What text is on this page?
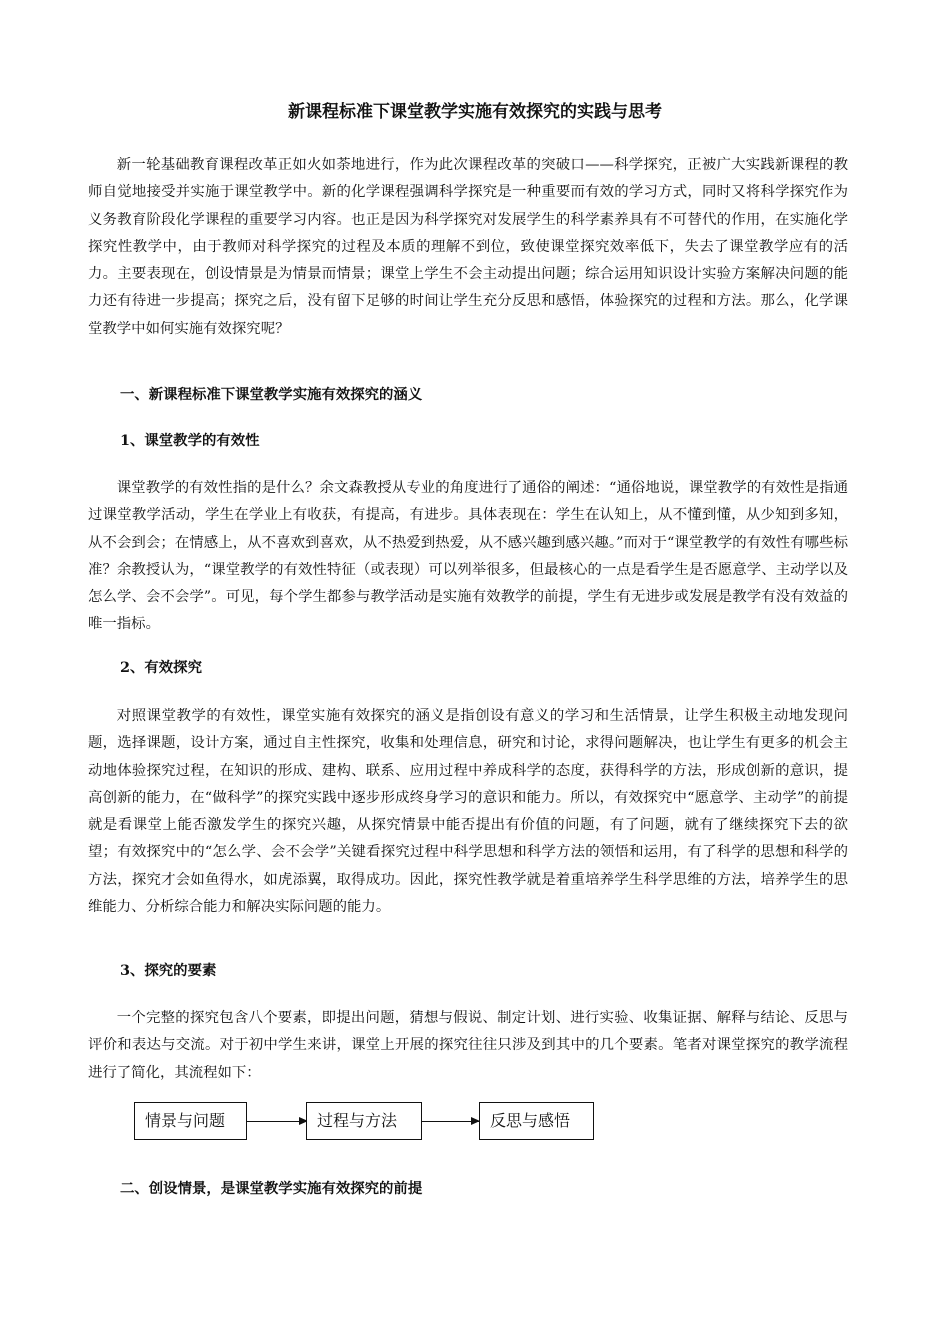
新课程标准下课堂教学实施有效探究的实践与思考

新一轮基础教育课程改革正如火如荼地进行，作为此次课程改革的突破口——科学探究，正被广大实践新课程的教师自觉地接受并实施于课堂教学中。新的化学课程强调科学探究是一种重要而有效的学习方式，同时又将科学探究作为义务教育阶段化学课程的重要学习内容。也正是因为科学探究对发展学生的科学素养具有不可替代的作用，在实施化学探究性教学中，由于教师对科学探究的过程及本质的理解不到位，致使课堂探究效率低下，失去了课堂教学应有的活力。主要表现在，创设情景是为情景而情景；课堂上学生不会主动提出问题；综合运用知识设计实验方案解决问题的能力还有待进一步提高；探究之后，没有留下足够的时间让学生充分反思和感悟，体验探究的过程和方法。那么，化学课堂教学中如何实施有效探究呢？

一、新课程标准下课堂教学实施有效探究的涵义
1、课堂教学的有效性

课堂教学的有效性指的是什么？余文森教授从专业的角度进行了通俗的阐述：“通俗地说，课堂教学的有效性是指通过课堂教学活动，学生在学业上有收获，有提高，有进步。具体表现在：学生在认知上，从不懂到懂，从少知到多知，从不会到会；在情感上，从不喜欢到喜欢，从不热爱到热爱，从不感兴趣到感兴趣。”而对于“课堂教学的有效性有哪些标准？余教授认为，“课堂教学的有效性特征（或表现）可以列举很多，但最核心的一点是看学生是否愿意学、主动学以及怎么学、会不会学”。可见，每个学生都参与教学活动是实施有效教学的前提，学生有无进步或发展是教学有没有效益的唯一指标。

2、有效探究

对照课堂教学的有效性，课堂实施有效探究的涵义是指创设有意义的学习和生活情景，让学生积极主动地发现问题，选择课题，设计方案，通过自主性探究，收集和处理信息，研究和讨论，求得问题解决，也让学生有更多的机会主动地体验探究过程，在知识的形成、建构、联系、应用过程中养成科学的态度，获得科学的方法，形成创新的意识，提高创新的能力，在“做科学”的探究实践中逐步形成终身学习的意识和能力。所以，有效探究中“愿意学、主动学”的前提就是看课堂上能否激发学生的探究兴趣，从探究情景中能否提出有价值的问题，有了问题，就有了继续探究下去的欲望；有效探究中的“怎么学、会不会学”关键看探究过程中科学思想和科学方法的领悟和运用，有了科学的思想和科学的方法，探究才会如鱼得水，如虎添翼，取得成功。因此，探究性教学就是着重培养学生科学思维的方法，培养学生的思维能力、分析综合能力和解决实际问题的能力。

3、探究的要素

一个完整的探究包含八个要素，即提出问题，猜想与假说、制定计划、进行实验、收集证据、解释与结论、反思与评价和表达与交流。对于初中学生来讲，课堂上开展的探究往往只涉及到其中的几个要素。笔者对课堂探究的教学流程进行了简化，其流程如下：

情景与问题	过程与方法	反思与感悟
二、创设情景，是课堂教学实施有效探究的前提
